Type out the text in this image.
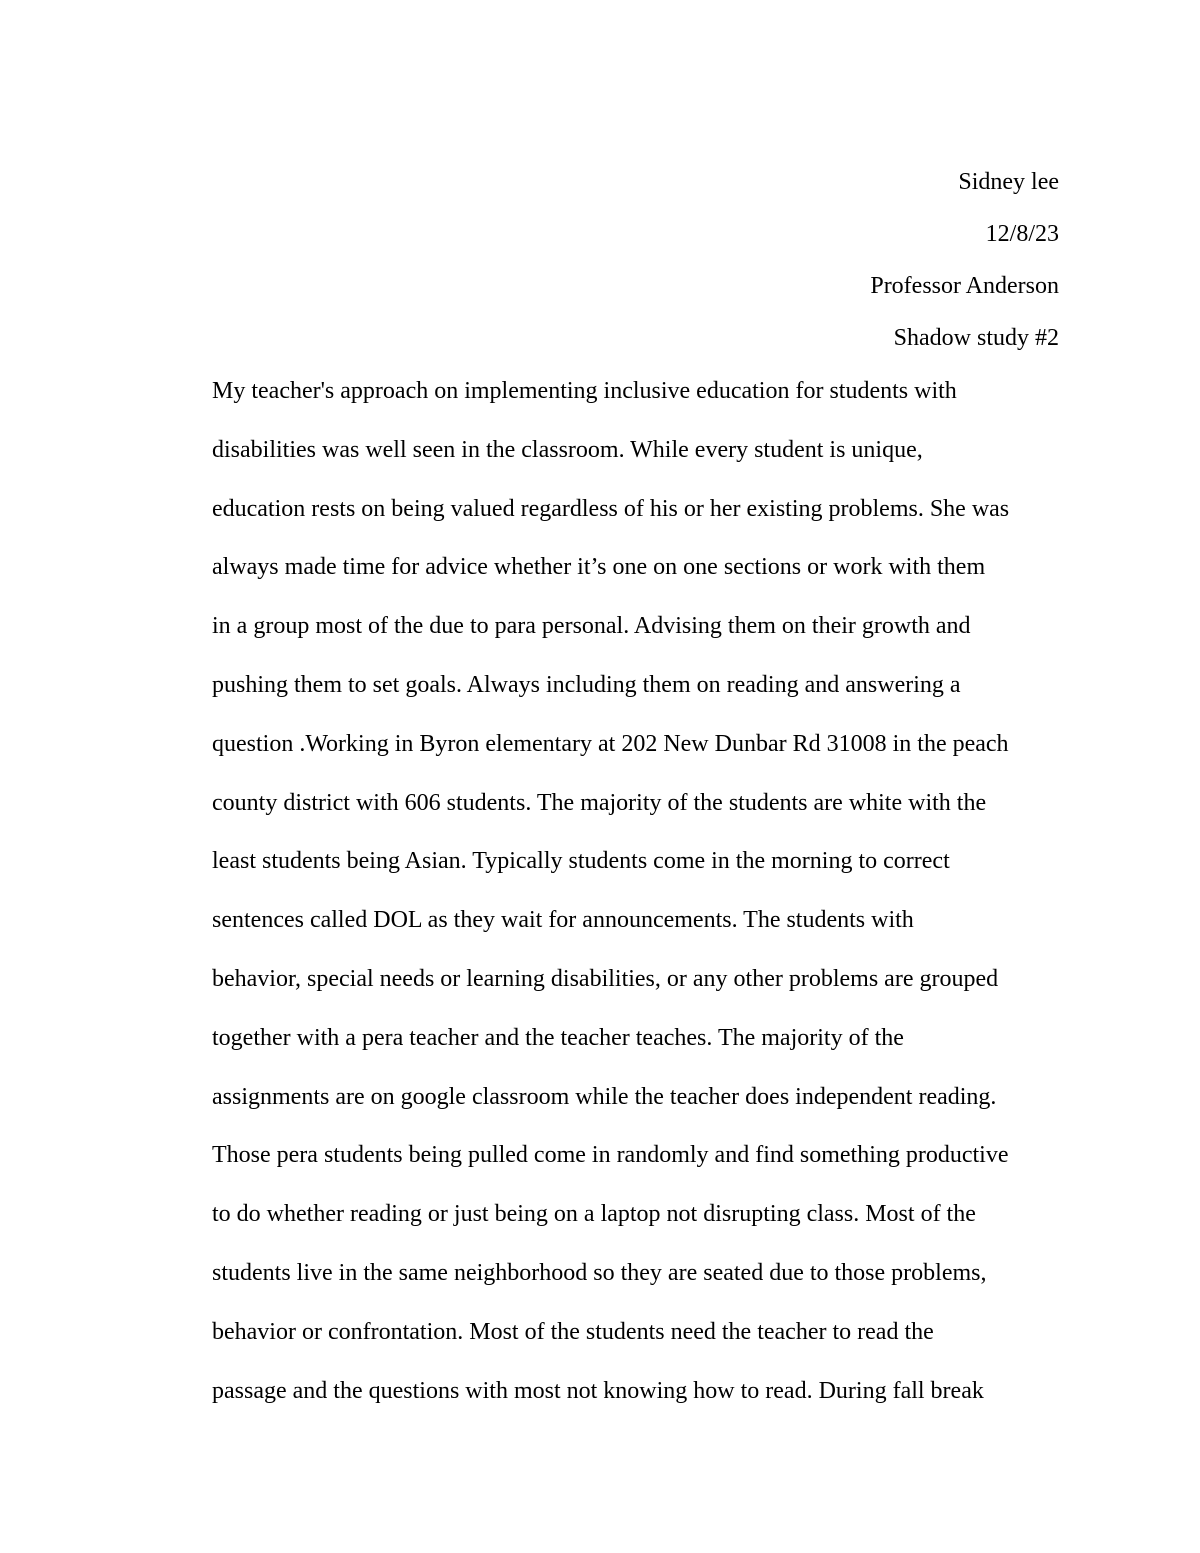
Sidney lee
12/8/23
Professor Anderson
Shadow study #2
My teacher's approach on implementing inclusive education for students with
disabilities was well seen in the classroom. While every student is unique,
education rests on being valued regardless of his or her existing problems. She was
always made time for advice whether it’s one on one sections or work with them
in a group most of the due to para personal. Advising them on their growth and
pushing them to set goals. Always including them on reading and answering a
question .Working in Byron elementary at 202 New Dunbar Rd 31008 in the peach
county district with 606 students. The majority of the students are white with the
least students being Asian. Typically students come in the morning to correct
sentences called DOL as they wait for announcements. The students with
behavior, special needs or learning disabilities, or any other problems are grouped
together with a pera teacher and the teacher teaches. The majority of the
assignments are on google classroom while the teacher does independent reading.
Those pera students being pulled come in randomly and find something productive
to do whether reading or just being on a laptop not disrupting class. Most of the
students live in the same neighborhood so they are seated due to those problems,
behavior or confrontation. Most of the students need the teacher to read the
passage and the questions with most not knowing how to read. During fall break
